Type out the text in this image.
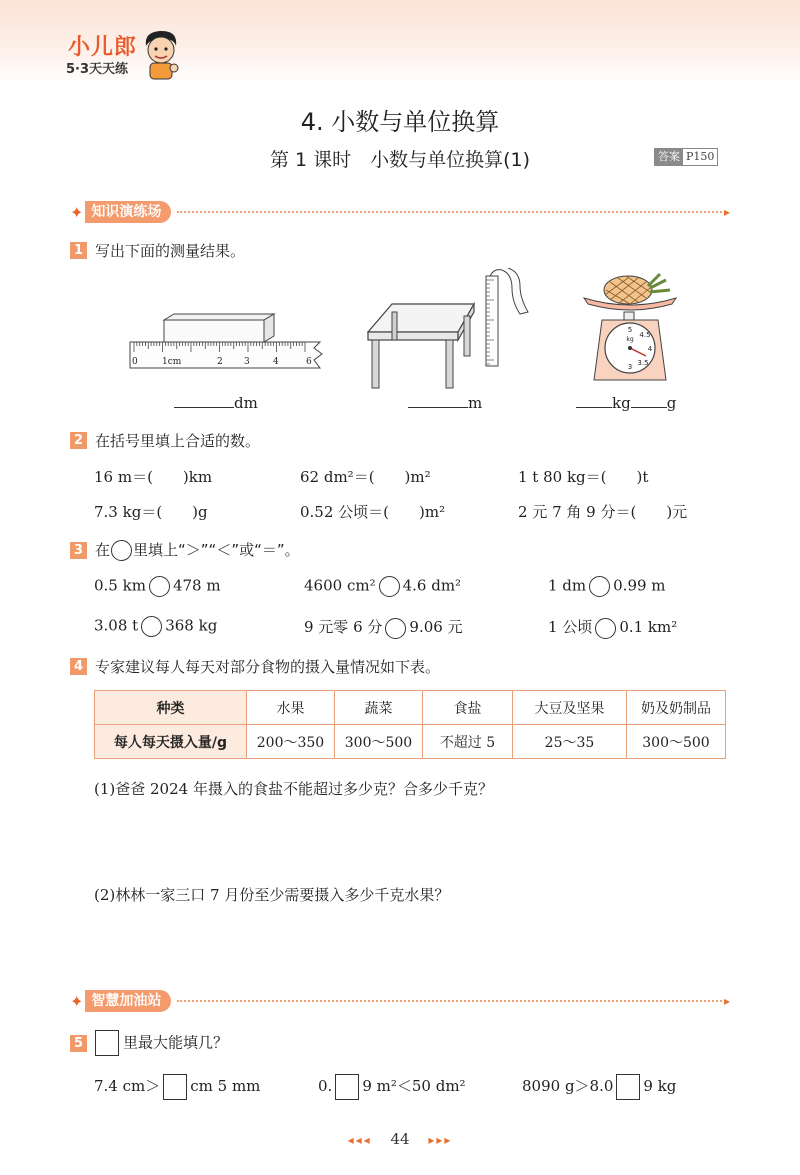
小儿郎
5·3天天练
4. 小数与单位换算
第 1 课时　小数与单位换算(1)	答案 P150
✦ 知识演练场	▸
1 写出下面的测量结果。
0	1cm	2 3	4	6
5
4.5
4
3.5
3
kg
dm	m	kg g
2 在括号里填上合适的数。
16 m＝(　　)km	62 dm²＝(　　)m²	1 t 80 kg＝(　　)t
7.3 kg＝(　　)g	0.52 公顷＝(　　)m²	2 元 7 角 9 分＝(　　)元
3 在 里填上“＞”“＜”或“＝”。
0.5 km 478 m	4600 cm² 4.6 dm²	1 dm 0.99 m
3.08 t 368 kg	9 元零 6 分 9.06 元	1 公顷 0.1 km²
4 专家建议每人每天对部分食物的摄入量情况如下表。
种类	水果	蔬菜	食盐	大豆及坚果	奶及奶制品
每人每天摄入量/g	200～350	300～500	不超过 5	25～35	300～500
(1)爸爸 2024 年摄入的食盐不能超过多少克？合多少千克？
(2)林林一家三口 7 月份至少需要摄入多少千克水果？
✦ 智慧加油站	▸
5	里最大能填几？
7.4 cm＞ cm 5 mm	0. 9 m²＜50 dm²	8090 g＞8.0 9 kg
◂◂◂ 44 ▸▸▸
